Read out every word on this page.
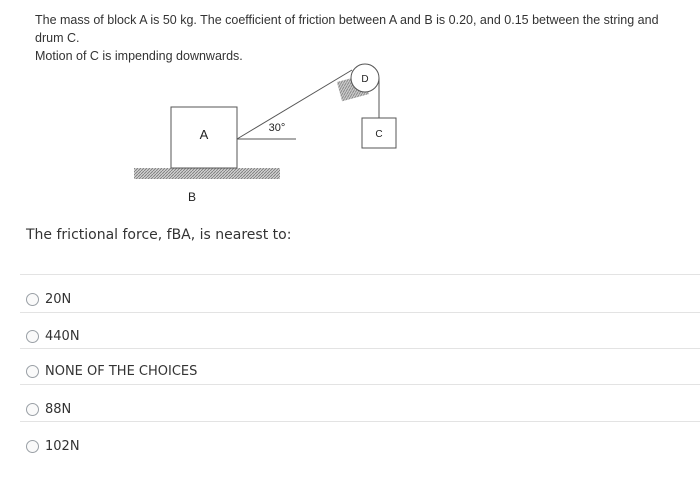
The mass of block A is 50 kg. The coefficient of friction between A and B is 0.20, and 0.15 between the string and drum C.
Motion of C is impending downwards.
A	30°
D
C
B
The frictional force, fBA, is nearest to:
20N
440N
NONE OF THE CHOICES
88N
102N
